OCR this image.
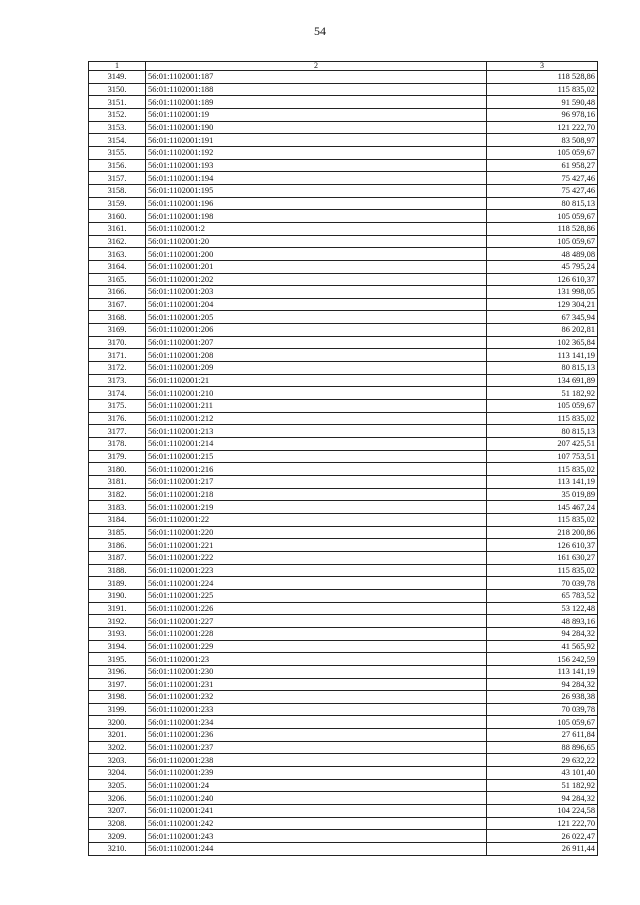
54
1	2	3
3149.	56:01:1102001:187	118 528,86
3150.	56:01:1102001:188	115 835,02
3151.	56:01:1102001:189	91 590,48
3152.	56:01:1102001:19	96 978,16
3153.	56:01:1102001:190	121 222,70
3154.	56:01:1102001:191	83 508,97
3155.	56:01:1102001:192	105 059,67
3156.	56:01:1102001:193	61 958,27
3157.	56:01:1102001:194	75 427,46
3158.	56:01:1102001:195	75 427,46
3159.	56:01:1102001:196	80 815,13
3160.	56:01:1102001:198	105 059,67
3161.	56:01:1102001:2	118 528,86
3162.	56:01:1102001:20	105 059,67
3163.	56:01:1102001:200	48 489,08
3164.	56:01:1102001:201	45 795,24
3165.	56:01:1102001:202	126 610,37
3166.	56:01:1102001:203	131 998,05
3167.	56:01:1102001:204	129 304,21
3168.	56:01:1102001:205	67 345,94
3169.	56:01:1102001:206	86 202,81
3170.	56:01:1102001:207	102 365,84
3171.	56:01:1102001:208	113 141,19
3172.	56:01:1102001:209	80 815,13
3173.	56:01:1102001:21	134 691,89
3174.	56:01:1102001:210	51 182,92
3175.	56:01:1102001:211	105 059,67
3176.	56:01:1102001:212	115 835,02
3177.	56:01:1102001:213	80 815,13
3178.	56:01:1102001:214	207 425,51
3179.	56:01:1102001:215	107 753,51
3180.	56:01:1102001:216	115 835,02
3181.	56:01:1102001:217	113 141,19
3182.	56:01:1102001:218	35 019,89
3183.	56:01:1102001:219	145 467,24
3184.	56:01:1102001:22	115 835,02
3185.	56:01:1102001:220	218 200,86
3186.	56:01:1102001:221	126 610,37
3187.	56:01:1102001:222	161 630,27
3188.	56:01:1102001:223	115 835,02
3189.	56:01:1102001:224	70 039,78
3190.	56:01:1102001:225	65 783,52
3191.	56:01:1102001:226	53 122,48
3192.	56:01:1102001:227	48 893,16
3193.	56:01:1102001:228	94 284,32
3194.	56:01:1102001:229	41 565,92
3195.	56:01:1102001:23	156 242,59
3196.	56:01:1102001:230	113 141,19
3197.	56:01:1102001:231	94 284,32
3198.	56:01:1102001:232	26 938,38
3199.	56:01:1102001:233	70 039,78
3200.	56:01:1102001:234	105 059,67
3201.	56:01:1102001:236	27 611,84
3202.	56:01:1102001:237	88 896,65
3203.	56:01:1102001:238	29 632,22
3204.	56:01:1102001:239	43 101,40
3205.	56:01:1102001:24	51 182,92
3206.	56:01:1102001:240	94 284,32
3207.	56:01:1102001:241	104 224,58
3208.	56:01:1102001:242	121 222,70
3209.	56:01:1102001:243	26 022,47
3210.	56:01:1102001:244	26 911,44
